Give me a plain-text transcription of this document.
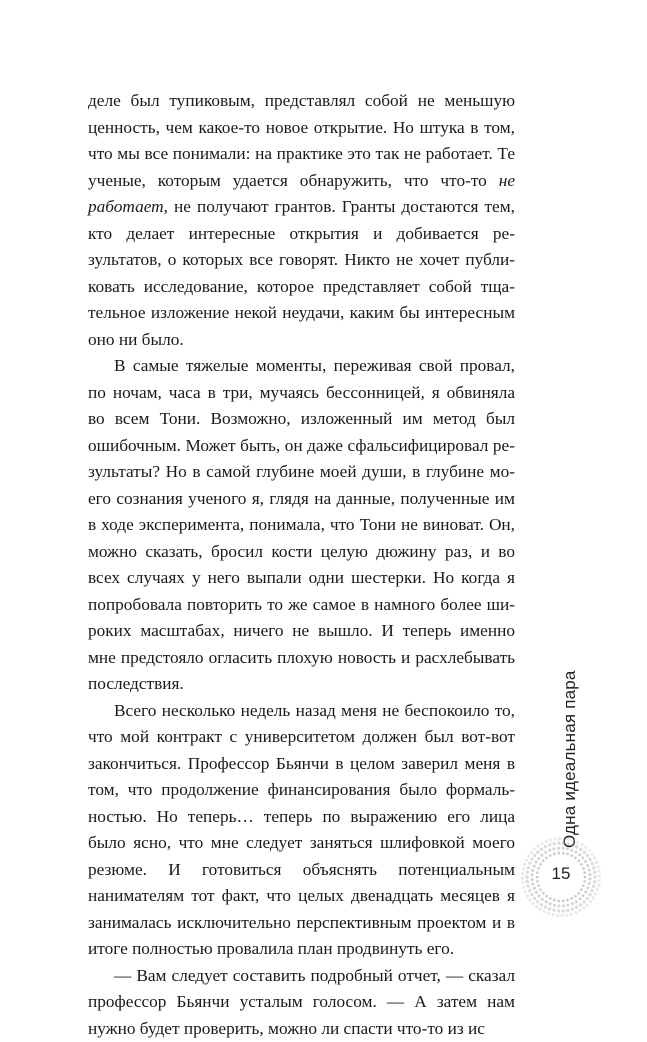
деле был тупиковым, представлял собой не меньшую ценность, чем какое-то новое открытие. Но штука в том, что мы все понимали: на практике это так не работает. Те ученые, которым удается обнаружить, что что-то не работает, не получают грантов. Гранты достаются тем, кто делает интересные открытия и добивается результатов, о которых все говорят. Никто не хочет публиковать исследование, которое представляет собой тщательное изложение некой неудачи, каким бы интересным оно ни было.

В самые тяжелые моменты, переживая свой провал, по ночам, часа в три, мучаясь бессонницей, я обвиняла во всем Тони. Возможно, изложенный им метод был ошибочным. Может быть, он даже сфальсифицировал результаты? Но в самой глубине моей души, в глубине моего сознания ученого я, глядя на данные, полученные им в ходе эксперимента, понимала, что Тони не виноват. Он, можно сказать, бросил кости целую дюжину раз, и во всех случаях у него выпали одни шестерки. Но когда я попробовала повторить то же самое в намного более широких масштабах, ничего не вышло. И теперь именно мне предстояло огласить плохую новость и расхлебывать последствия.

Всего несколько недель назад меня не беспокоило то, что мой контракт с университетом должен был вот-вот закончиться. Профессор Бьянчи в целом заверил меня в том, что продолжение финансирования было формальностью. Но теперь… теперь по выражению его лица было ясно, что мне следует заняться шлифовкой моего резюме. И готовиться объяснять потенциальным нанимателям тот факт, что целых двенадцать месяцев я занималась исключительно перспективным проектом и в итоге полностью провалила план продвинуть его.

— Вам следует составить подробный отчет, — сказал профессор Бьянчи усталым голосом. — А затем нам нужно будет проверить, можно ли спасти что-то из ис

Одна идеальная пара
15
